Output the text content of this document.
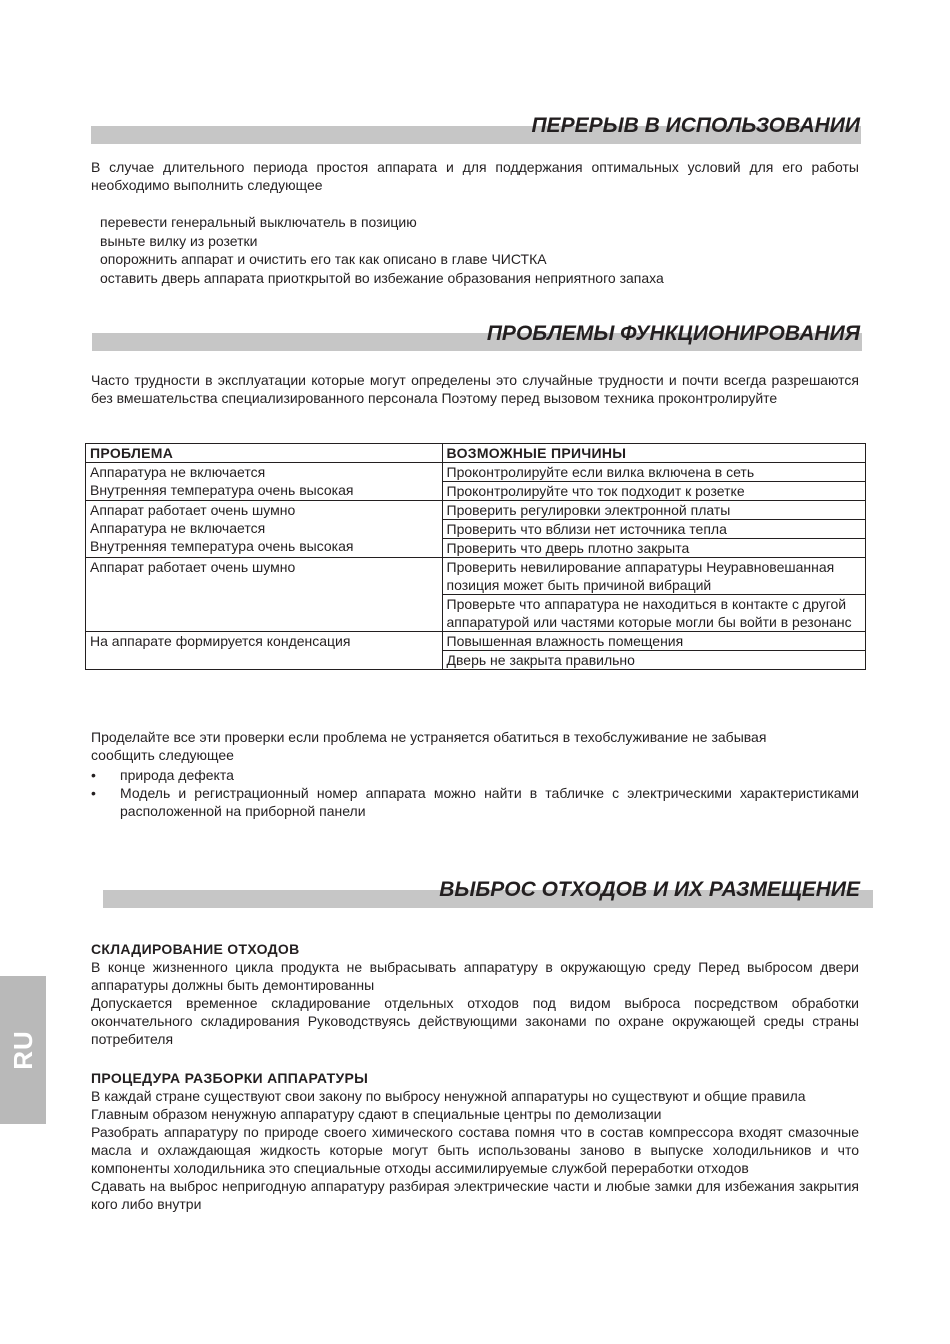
ПЕРЕРЫВ В ИСПОЛЬЗОВАНИИ
В случае длительного периода простоя аппарата и для поддержания оптимальных условий для его работы необходимо выполнить следующее
перевести генеральный выключатель в позицию
выньте вилку из розетки
опорожнить аппарат и очистить его так как описано в главе ЧИСТКА
оставить дверь аппарата приоткрытой во избежание образования неприятного запаха
ПРОБЛЕМЫ ФУНКЦИОНИРОВАНИЯ
Часто трудности в эксплуатации которые могут определены это случайные трудности и почти всегда разрешаются без вмешательства специализированного персонала Поэтому перед вызовом техника проконтролируйте
ПРОБЛЕМА	ВОЗМОЖНЫЕ ПРИЧИНЫ

Аппаратура не включается
Внутренняя температура очень высокая	Проконтролируйте если вилка включена в сеть
	Проконтролируйте что ток подходит к розетке

Аппарат работает очень шумно
Аппаратура не включается
Внутренняя температура очень высокая	Проверить регулировки электронной платы
	Проверить что вблизи нет источника тепла
	Проверить что дверь плотно закрыта

Аппарат работает очень шумно	Проверить невилирование аппаратуры Неуравновешанная позиция может быть причиной вибраций
	Проверьте что аппаратура не находиться в контакте с другой аппаратурой или частями которые могли бы войти в резонанс

На аппарате формируется конденсация	Повышенная влажность помещения
	Дверь не закрыта правильно
Проделайте все эти проверки если проблема не устраняется обатиться в техобслуживание не забывая сообщить следующее
• природа дефекта
• Модель и регистрационный номер аппарата можно найти в табличке с электрическими характеристиками расположенной на приборной панели
ВЫБРОС ОТХОДОВ И ИХ РАЗМЕЩЕНИЕ

СКЛАДИРОВАНИЕ ОТХОДОВ

В конце жизненного цикла продукта не выбрасывать аппаратуру в окружающую среду Перед выбросом двери аппаратуры должны быть демонтированны

Допускается временное складирование отдельных отходов под видом выброса посредством обработки окончательного складирования Руководствуясь действующими законами по охране окружающей среды страны потребителя

ПРОЦЕДУРА РАЗБОРКИ АППАРАТУРЫ

В каждай стране существуют свои закону по выбросу ненужной аппаратуры но существуют и общие правила

Главным образом ненужную аппаратуру сдают в специальные центры по демолизации

Разобрать аппаратуру по природе своего химического состава помня что в состав компрессора входят смазочные масла и охлаждающая жидкость которые могут быть использованы заново в выпуске холодильников и что компоненты холодильника это специальные отходы ассимилируемые службой переработки отходов

Сдавать на выброс непригодную аппаратуру разбирая электрические части и любые замки для избежания закрытия кого либо внутри

RU
